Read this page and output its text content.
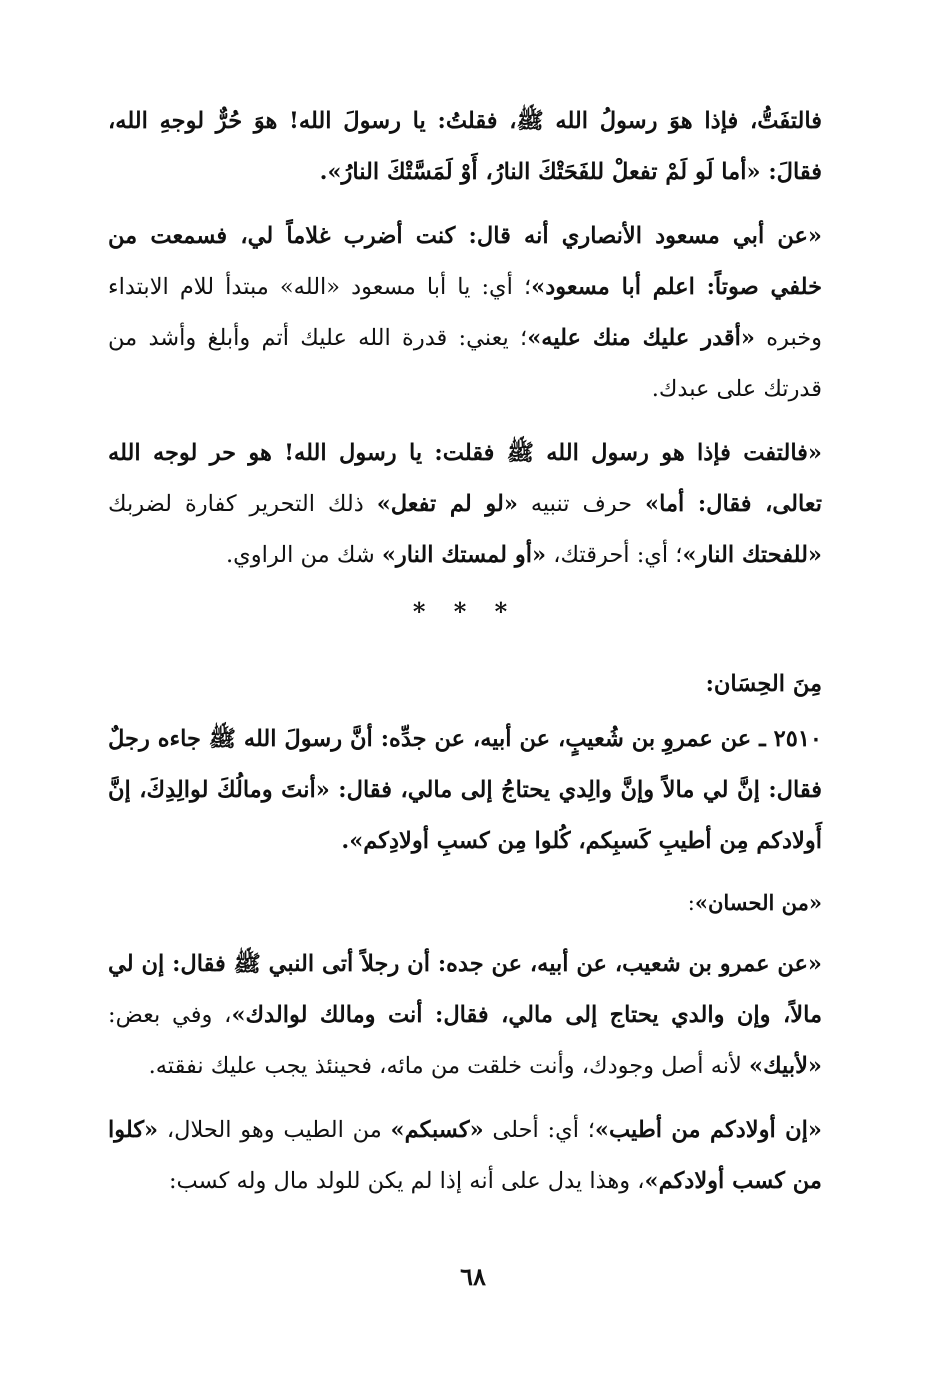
فالتفَتُّ، فإذا هوَ رسولُ الله ﷺ، فقلتُ: يا رسولَ الله! هوَ حُرٌّ لوجهِ الله، فقالَ: «أما لَو لَمْ تفعلْ للفَحَتْكَ النارُ، أَوْ لَمَسَّتْكَ النارُ».

«عن أبي مسعود الأنصاري أنه قال: كنت أضرب غلاماً لي، فسمعت من خلفي صوتاً: اعلم أبا مسعود»؛ أي: يا أبا مسعود «الله» مبتدأ للام الابتداء وخبره «أقدر عليك منك عليه»؛ يعني: قدرة الله عليك أتم وأبلغ وأشد من قدرتك على عبدك.

«فالتفت فإذا هو رسول الله ﷺ فقلت: يا رسول الله! هو حر لوجه الله تعالى، فقال: أما» حرف تنبيه «لو لم تفعل» ذلك التحرير كفارة لضربك «للفحتك النار»؛ أي: أحرقتك، «أو لمستك النار» شك من الراوي.

* * *
مِنَ الحِسَان:

٢٥١٠ ـ عن عمروِ بن شُعيبٍ، عن أبيه، عن جدِّه: أنَّ رسولَ الله ﷺ جاءه رجلٌ فقال: إنَّ لي مالاً وإنَّ والِدي يحتاجُ إلى مالي، فقال: «أنتَ ومالُكَ لوالِدِكَ، إنَّ أَولادكم مِن أطيبِ كَسبِكم، كُلوا مِن كسبِ أولادِكم».

«من الحسان»:

«عن عمرو بن شعيب، عن أبيه، عن جده: أن رجلاً أتى النبي ﷺ فقال: إن لي مالاً، وإن والدي يحتاج إلى مالي، فقال: أنت ومالك لوالدك»، وفي بعض: «لأبيك» لأنه أصل وجودك، وأنت خلقت من مائه، فحينئذ يجب عليك نفقته.

«إن أولادكم من أطيب»؛ أي: أحلى «كسبكم» من الطيب وهو الحلال، «كلوا من كسب أولادكم»، وهذا يدل على أنه إذا لم يكن للولد مال وله كسب:

٦٨
